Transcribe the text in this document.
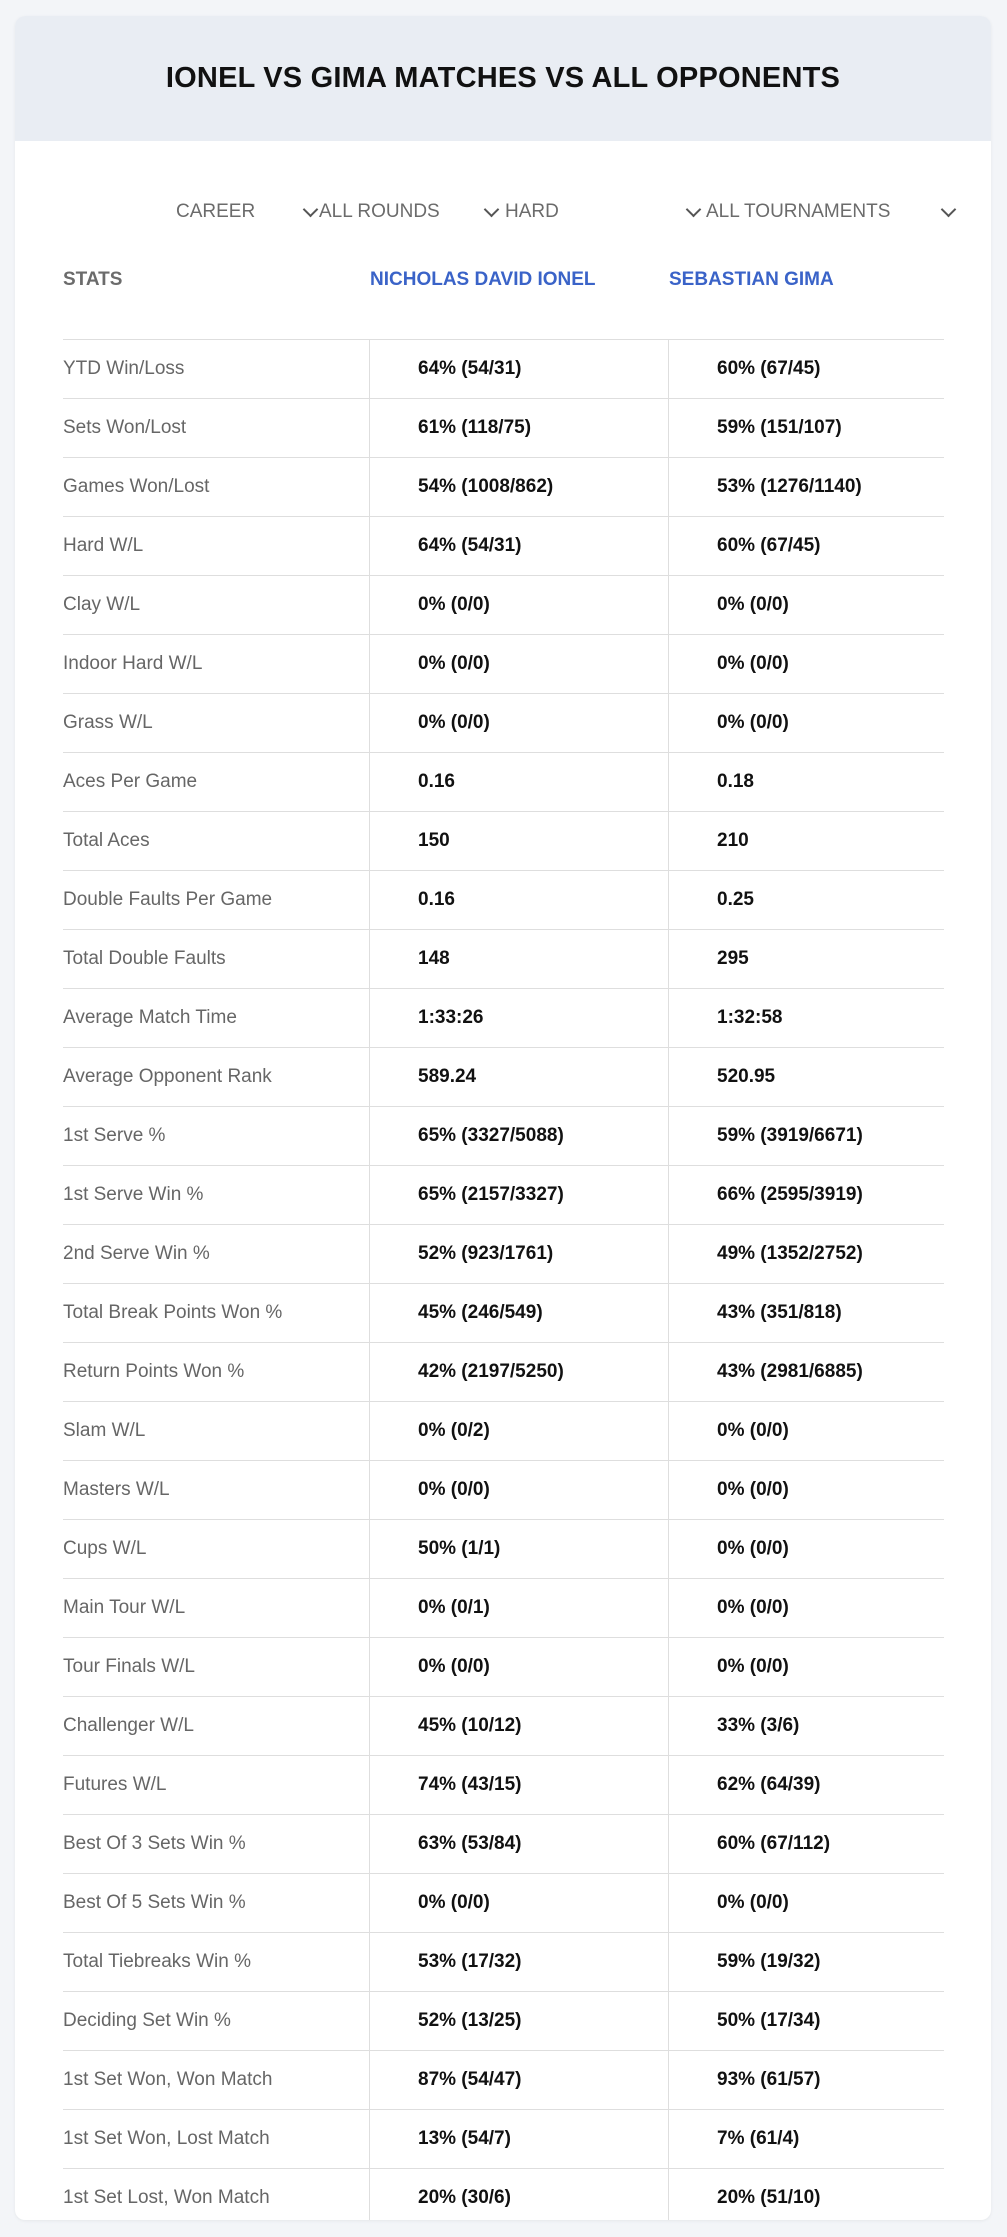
IONEL VS GIMA MATCHES VS ALL OPPONENTS
CAREER	ALL ROUNDS	HARD	ALL TOURNAMENTS
STATS	NICHOLAS DAVID IONEL	SEBASTIAN GIMA
YTD Win/Loss	64% (54/31)	60% (67/45)
Sets Won/Lost	61% (118/75)	59% (151/107)
Games Won/Lost	54% (1008/862)	53% (1276/1140)
Hard W/L	64% (54/31)	60% (67/45)
Clay W/L	0% (0/0)	0% (0/0)
Indoor Hard W/L	0% (0/0)	0% (0/0)
Grass W/L	0% (0/0)	0% (0/0)
Aces Per Game	0.16	0.18
Total Aces	150	210
Double Faults Per Game	0.16	0.25
Total Double Faults	148	295
Average Match Time	1:33:26	1:32:58
Average Opponent Rank	589.24	520.95
1st Serve %	65% (3327/5088)	59% (3919/6671)
1st Serve Win %	65% (2157/3327)	66% (2595/3919)
2nd Serve Win %	52% (923/1761)	49% (1352/2752)
Total Break Points Won %	45% (246/549)	43% (351/818)
Return Points Won %	42% (2197/5250)	43% (2981/6885)
Slam W/L	0% (0/2)	0% (0/0)
Masters W/L	0% (0/0)	0% (0/0)
Cups W/L	50% (1/1)	0% (0/0)
Main Tour W/L	0% (0/1)	0% (0/0)
Tour Finals W/L	0% (0/0)	0% (0/0)
Challenger W/L	45% (10/12)	33% (3/6)
Futures W/L	74% (43/15)	62% (64/39)
Best Of 3 Sets Win %	63% (53/84)	60% (67/112)
Best Of 5 Sets Win %	0% (0/0)	0% (0/0)
Total Tiebreaks Win %	53% (17/32)	59% (19/32)
Deciding Set Win %	52% (13/25)	50% (17/34)
1st Set Won, Won Match	87% (54/47)	93% (61/57)
1st Set Won, Lost Match	13% (54/7)	7% (61/4)
1st Set Lost, Won Match	20% (30/6)	20% (51/10)
